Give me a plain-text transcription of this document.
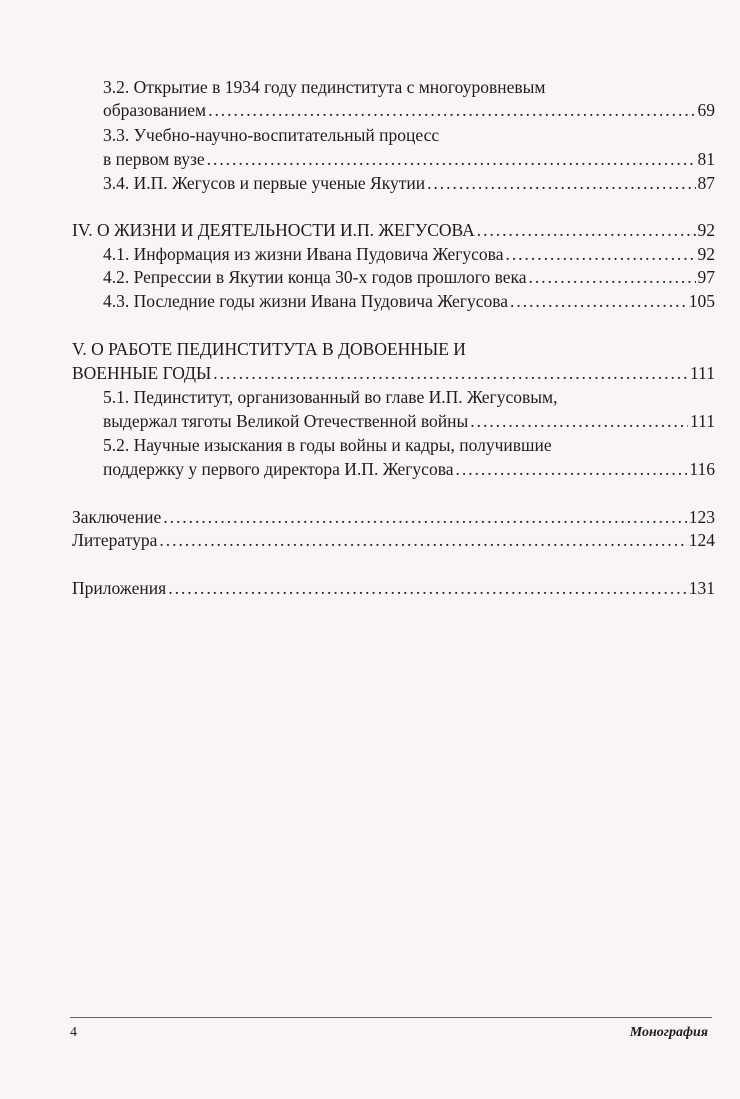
3.2. Открытие в 1934 году пединститута с многоуровневым
образованием . . .	69
3.3. Учебно-научно-воспитательный процесс
в первом вузе . . .	81
3.4. И.П. Жегусов и первые ученые Якутии . . .	87
IV. О ЖИЗНИ И ДЕЯТЕЛЬНОСТИ И.П. ЖЕГУСОВА . . .	92
4.1. Информация из жизни Ивана Пудовича Жегусова . . .	92
4.2. Репрессии в Якутии конца 30-х годов прошлого века . . .	97
4.3. Последние годы жизни Ивана Пудовича Жегусова . . .	105
V. О РАБОТЕ ПЕДИНСТИТУТА В ДОВОЕННЫЕ И
ВОЕННЫЕ ГОДЫ . . .	111
5.1. Пединститут, организованный во главе И.П. Жегусовым,
выдержал тяготы Великой Отечественной войны . . .	111
5.2. Научные изыскания в годы войны и кадры, получившие
поддержку у первого директора И.П. Жегусова . . .	116
Заключение . . .	123
Литература . . .	124
Приложения . . .	131
4	Монография
